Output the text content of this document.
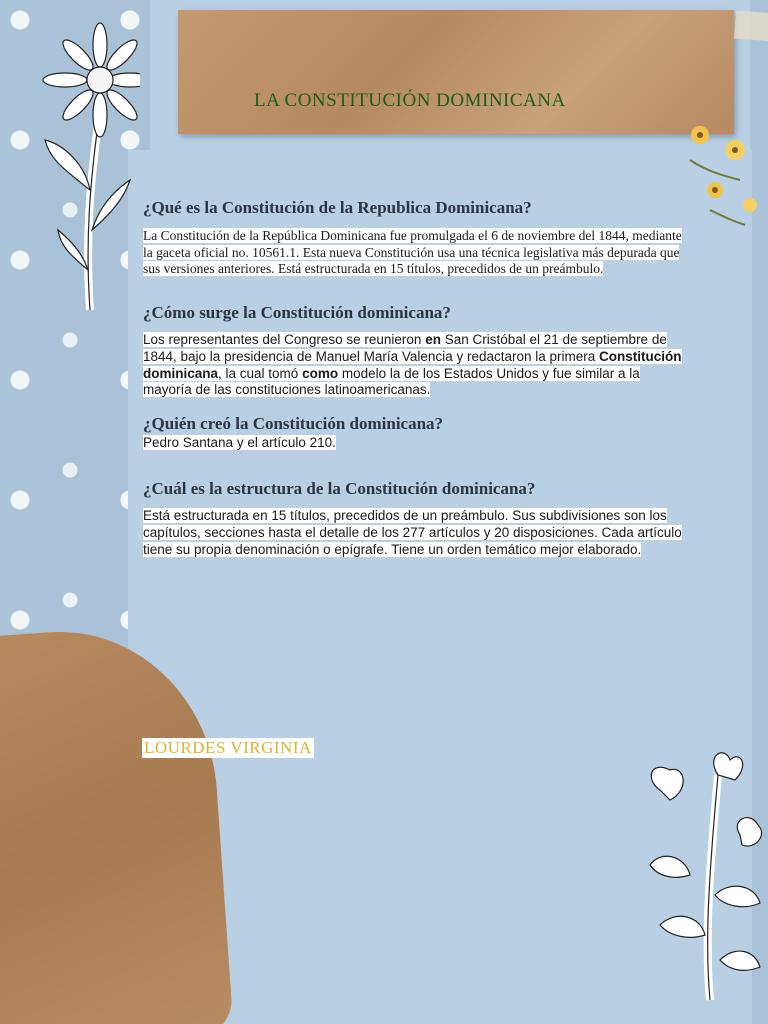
LA CONSTITUCIÓN DOMINICANA
¿Qué es la Constitución de la Republica Dominicana?
La Constitución de la República Dominicana fue promulgada el 6 de noviembre del 1844, mediante la gaceta oficial no. 10561.1. Esta nueva Constitución usa una técnica legislativa más depurada que sus versiones anteriores. Está estructurada en 15 títulos, precedidos de un preámbulo.
¿Cómo surge la Constitución dominicana?
Los representantes del Congreso se reunieron en San Cristóbal el 21 de septiembre de 1844, bajo la presidencia de Manuel María Valencia y redactaron la primera Constitución dominicana, la cual tomó como modelo la de los Estados Unidos y fue similar a la mayoría de las constituciones latinoamericanas.
¿Quién creó la Constitución dominicana?
Pedro Santana y el artículo 210.
¿Cuál es la estructura de la Constitución dominicana?
Está estructurada en 15 títulos, precedidos de un preámbulo. Sus subdivisiones son los capítulos, secciones hasta el detalle de los 277 artículos y 20 disposiciones. Cada artículo tiene su propia denominación o epígrafe. Tiene un orden temático mejor elaborado.
LOURDES VIRGINIA
